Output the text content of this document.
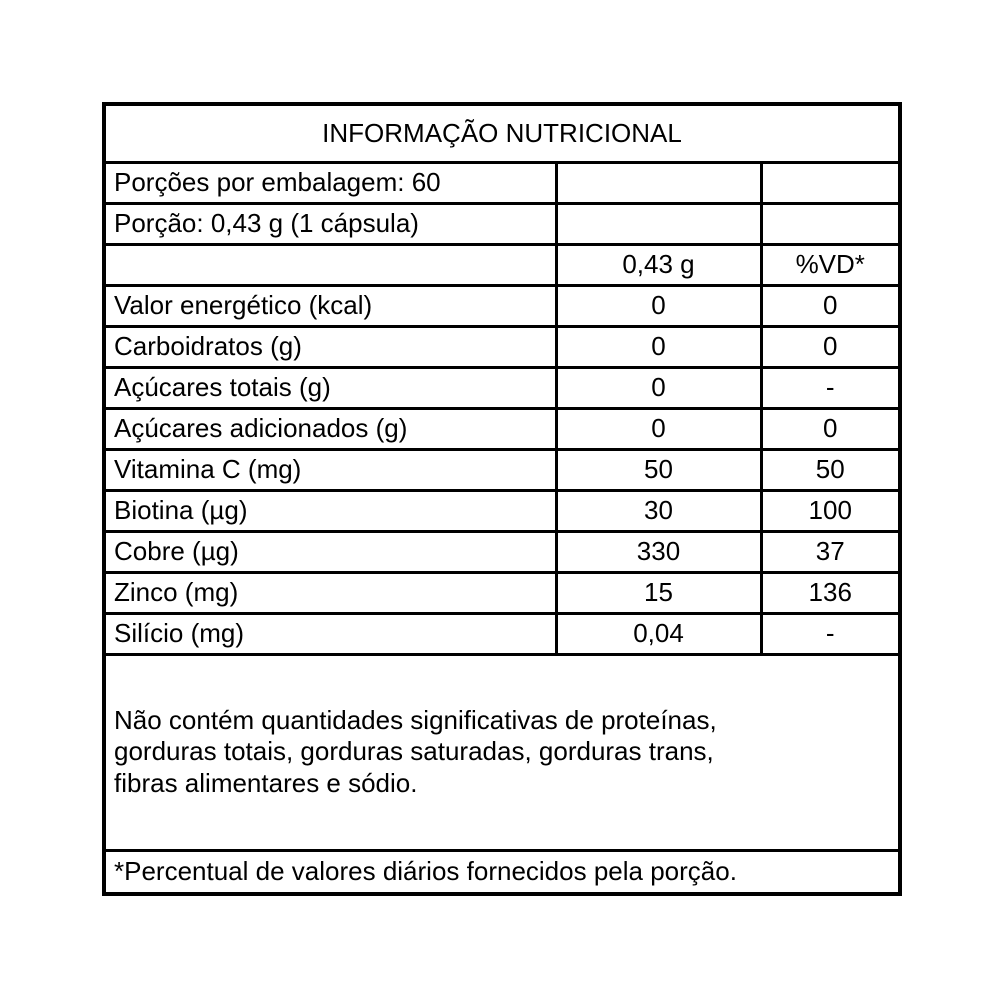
INFORMAÇÃO NUTRICIONAL		
Porções por embalagem: 60		
Porção: 0,43 g (1 cápsula)		
	0,43 g	%VD*
Valor energético (kcal)	0	0
Carboidratos (g)	0	0
Açúcares totais (g)	0	-
Açúcares adicionados (g)	0	0
Vitamina C (mg)	50	50
Biotina (µg)	30	100
Cobre (µg)	330	37
Zinco (mg)	15	136
Silício (mg)	0,04	-

Não contém quantidades significativas de proteínas,
gorduras totais, gorduras saturadas, gorduras trans,
fibras alimentares e sódio.		

*Percentual de valores diários fornecidos pela porção.		
